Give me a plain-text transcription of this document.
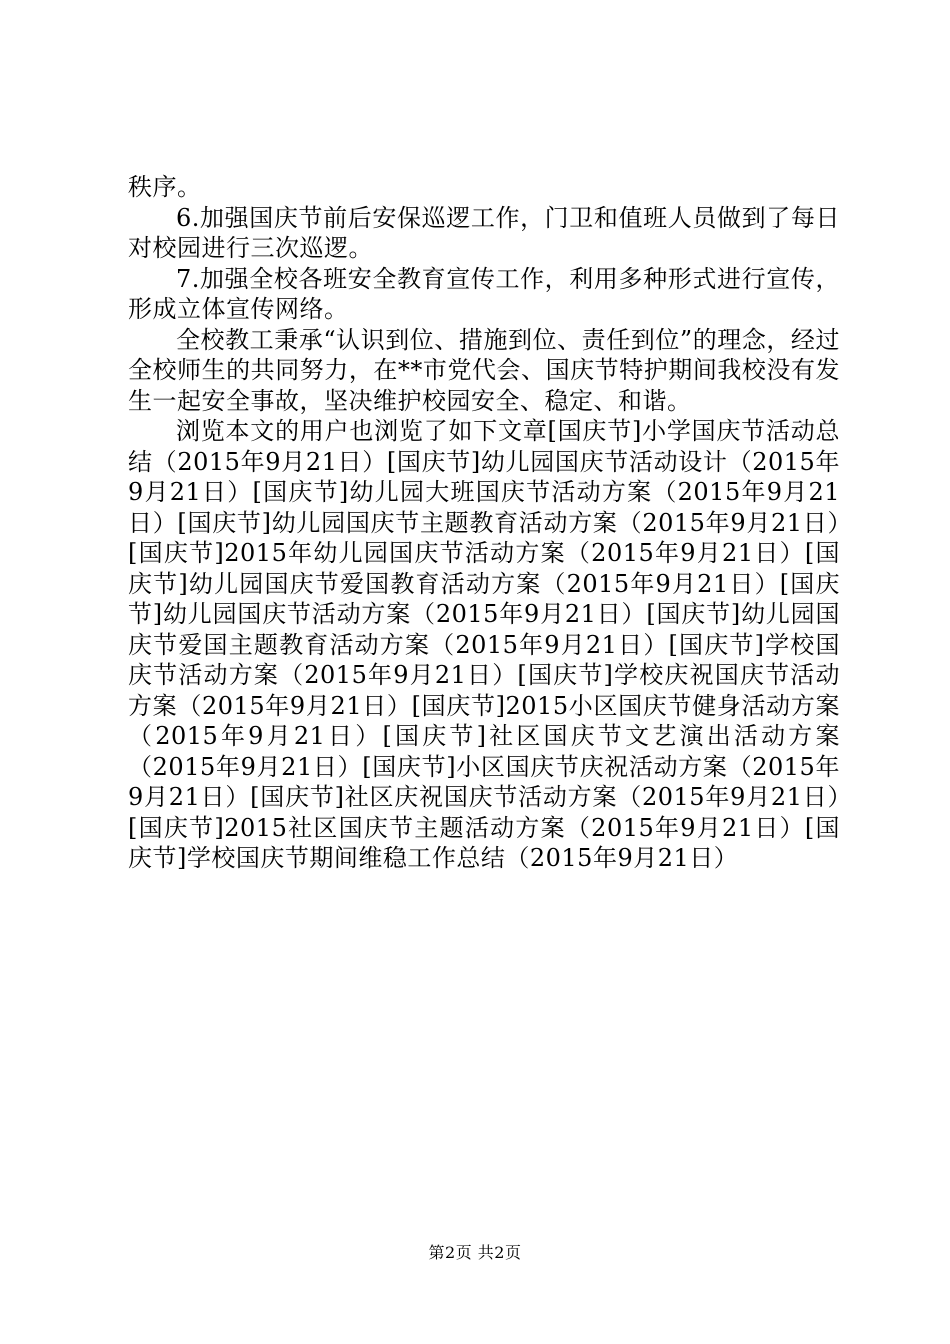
秩序。

6.加强国庆节前后安保巡逻工作，门卫和值班人员做到了每日对校园进行三次巡逻。

7.加强全校各班安全教育宣传工作，利用多种形式进行宣传，形成立体宣传网络。

全校教工秉承“认识到位、措施到位、责任到位”的理念，经过全校师生的共同努力，在**市党代会、国庆节特护期间我校没有发生一起安全事故，坚决维护校园安全、稳定、和谐。

浏览本文的用户也浏览了如下文章[国庆节]小学国庆节活动总结（2015年9月21日）[国庆节]幼儿园国庆节活动设计（2015年9月21日）[国庆节]幼儿园大班国庆节活动方案（2015年9月21日）[国庆节]幼儿园国庆节主题教育活动方案（2015年9月21日）[国庆节]2015年幼儿园国庆节活动方案（2015年9月21日）[国庆节]幼儿园国庆节爱国教育活动方案（2015年9月21日）[国庆节]幼儿园国庆节活动方案（2015年9月21日）[国庆节]幼儿园国庆节爱国主题教育活动方案（2015年9月21日）[国庆节]学校国庆节活动方案（2015年9月21日）[国庆节]学校庆祝国庆节活动方案（2015年9月21日）[国庆节]2015小区国庆节健身活动方案（2015年9月21日）[国庆节]社区国庆节文艺演出活动方案（2015年9月21日）[国庆节]小区国庆节庆祝活动方案（2015年9月21日）[国庆节]社区庆祝国庆节活动方案（2015年9月21日）[国庆节]2015社区国庆节主题活动方案（2015年9月21日）[国庆节]学校国庆节期间维稳工作总结（2015年9月21日）

第2页 共2页
